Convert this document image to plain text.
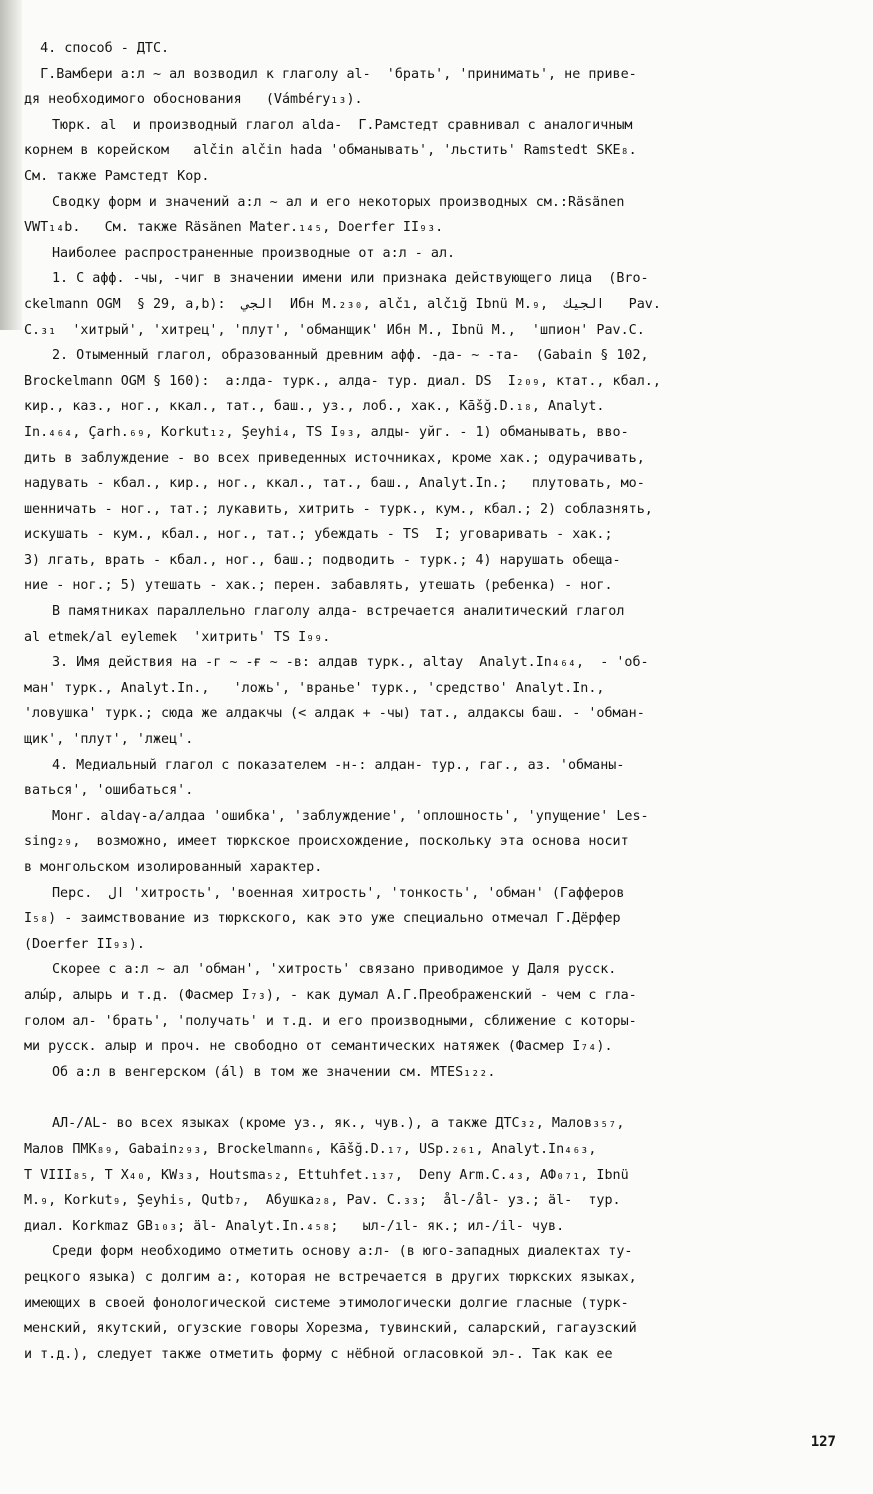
4. способ - ДТС.

Г.Вамбери а:л ~ ал возводил к глаголу al-  'брать', 'принимать', не приве-
дя необходимого обоснования   (Vámbéry₁₃).

Тюрк. al  и производный глагол alda-  Г.Рамстедт сравнивал с аналогичным
корнем в корейском   alčin alčin hada 'обманывать', 'льстить' Ramstedt SKE₈.
См. также Рамстедт Кор.

Сводку форм и значений а:л ~ ал и его некоторых производных см.:Räsänen
VWT₁₄b.   См. также Räsänen Mater.₁₄₅, Doerfer II₉₃.

Наиболее распространенные производные от а:л - ал.

1. С афф. -чы, -чиг в значении имени или признака действующего лица  (Bro-
ckelmann OGM  § 29, a,b):  الجي  Ибн М.₂₃₀, alčı, alčığ Ibnü M.₉,  الجيك   Pav.
C.₃₁  'хитрый', 'хитрец', 'плут', 'обманщик' Ибн М., Ibnü M.,  'шпион' Pav.C.

2. Отыменный глагол, образованный древним афф. -да- ~ -та-  (Gabain § 102,
Brockelmann OGM § 160):  а:лда- туpк., алда- тур. диал. DS  I₂₀₉, ктат., кбал.,
кир., каз., ног., ккал., тат., баш., уз., лоб., хак., Kāšğ.D.₁₈, Analyt.
In.₄₆₄, Çarh.₆₉, Korkut₁₂, Şeyhi₄, TS I₉₃, алды- уйг. - 1) обманывать, вво-
дить в заблуждение - во всех приведенных источниках, кроме хак.; одурачивать,
надувать - кбал., кир., ног., ккал., тат., баш., Analyt.In.;   плутовать, мо-
шенничать - ног., тат.; лукавить, хитрить - туpк., кум., кбал.; 2) соблазнять,
искушать - кум., кбал., ног., тат.; убеждать - TS  I; уговаривать - хак.;
3) лгать, врать - кбал., ног., баш.; подводить - туpк.; 4) нарушать обеща-
ние - ног.; 5) утешать - хак.; перен. забавлять, утешать (ребенка) - ног.

В памятниках параллельно глаголу алда- встречается аналитический глагол
al etmek/al eylemek  'хитрить' TS I₉₉.

3. Имя действия на -г ~ -ғ ~ -в: алдав туpк., altay  Analyt.In₄₆₄,  - 'об-
ман' туpк., Analyt.In.,   'ложь', 'вранье' туpк., 'средство' Analyt.In.,
'ловушка' туpк.; сюда же алдакчы (< алдак + -чы) тат., алдаксы баш. - 'обман-
щик', 'плут', 'лжец'.

4. Медиальный глагол с показателем -н-: алдан- тур., гаг., аз. 'обманы-
ваться', 'ошибаться'.

Монг. aldaγ-a/алдаа 'ошибка', 'заблуждение', 'оплошность', 'упущение' Les-
sing₂₉,  возможно, имеет тюркское происхождение, поскольку эта основа носит
в монгольском изолированный характер.

Перс.  ال 'хитрость', 'военная хитрость', 'тонкость', 'обман' (Гафферов
I₅₈) - заимствование из тюркского, как это уже специально отмечал Г.Дёрфер
(Doerfer II₉₃).

Скорее с а:л ~ ал 'обман', 'хитрость' связано приводимое у Даля русск.
алы́р, алырь и т.д. (Фасмер I₇₃), - как думал А.Г.Преображенский - чем с гла-
голом ал- 'брать', 'получать' и т.д. и его производными, сближение с которы-
ми русск. алыр и проч. не свободно от семантических натяжек (Фасмер I₇₄).

Об а:л в венгерском (ál) в том же значении см. MTES₁₂₂.

АЛ-/AL- во всех языках (кроме уз., як., чув.), а также ДТС₃₂, Малов₃₅₇,
Малов ПМК₈₉, Gabain₂₉₃, Brockelmann₆, Kāšğ.D.₁₇, USp.₂₆₁, Analyt.In₄₆₃,
T VIII₈₅, T X₄₀, KW₃₃, Houtsma₅₂, Ettuhfet.₁₃₇,  Deny Arm.C.₄₃, АФ₀₇₁, Ibnü
M.₉, Korkut₉, Şeyhi₅, Qutb₇,  Абушка₂₈, Pav. C.₃₃;  ål-/ål- уз.; äl-  тур.
диал. Korkmaz GB₁₀₃; äl- Analyt.In.₄₅₈;   ыл-/ıl- як.; ил-/il- чув.

Среди форм необходимо отметить основу а:л- (в юго-западных диалектах ту-
рецкого языка) с долгим а:, которая не встречается в других тюркских языках,
имеющих в своей фонологической системе этимологически долгие гласные (турк-
менский, якутский, огузские говоры Хорезма, тувинский, саларский, гагаузский
и т.д.), следует также отметить форму с нёбной огласовкой эл-. Так как ее

127
